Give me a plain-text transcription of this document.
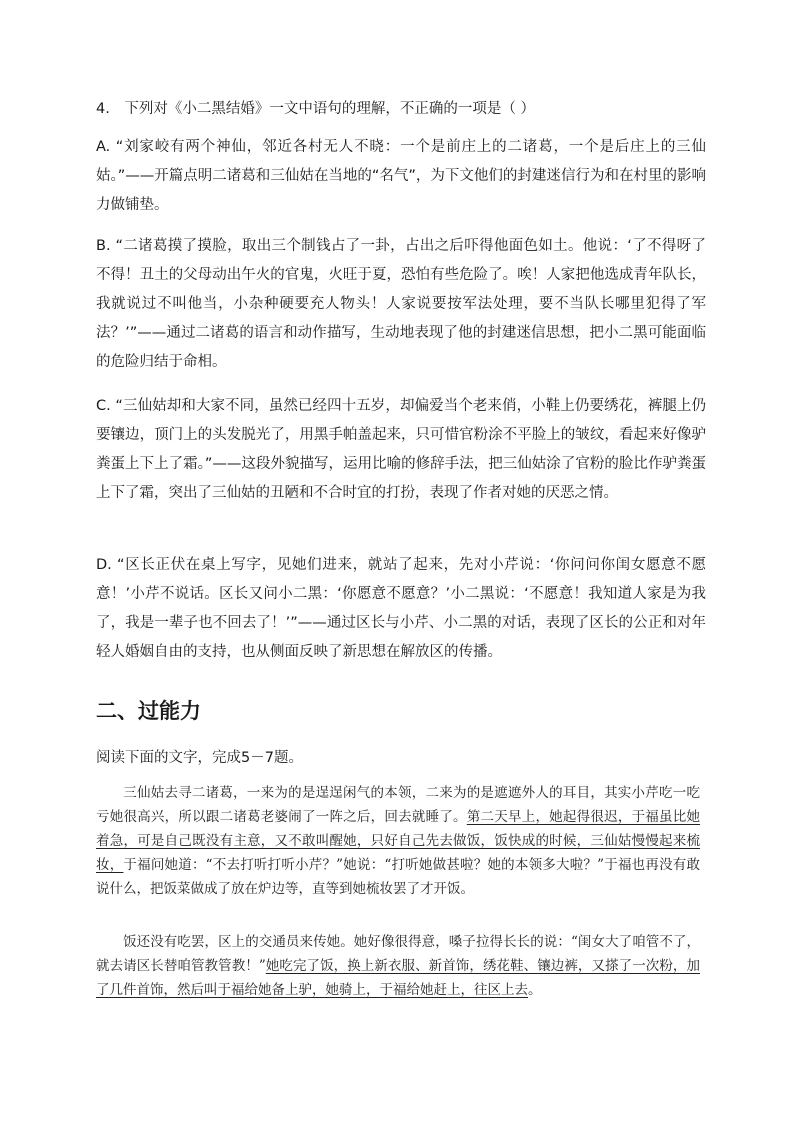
4.　下列对《小二黑结婚》一文中语句的理解，不正确的一项是（ ）
A. “刘家峧有两个神仙，邻近各村无人不晓：一个是前庄上的二诸葛，一个是后庄上的三仙姑。”——开篇点明二诸葛和三仙姑在当地的“名气”，为下文他们的封建迷信行为和在村里的影响力做铺垫。
B. “二诸葛摸了摸脸，取出三个制钱占了一卦，占出之后吓得他面色如土。他说：‘了不得呀了不得！丑土的父母动出午火的官鬼，火旺于夏，恐怕有些危险了。唉！人家把他选成青年队长，我就说过不叫他当，小杂种硬要充人物头！人家说要按军法处理，要不当队长哪里犯得了军法？’”——通过二诸葛的语言和动作描写，生动地表现了他的封建迷信思想，把小二黑可能面临的危险归结于命相。
C. “三仙姑却和大家不同，虽然已经四十五岁，却偏爱当个老来俏，小鞋上仍要绣花，裤腿上仍要镶边，顶门上的头发脱光了，用黑手帕盖起来，只可惜官粉涂不平脸上的皱纹，看起来好像驴粪蛋上下上了霜。”——这段外貌描写，运用比喻的修辞手法，把三仙姑涂了官粉的脸比作驴粪蛋上下了霜，突出了三仙姑的丑陋和不合时宜的打扮，表现了作者对她的厌恶之情。
D. “区长正伏在桌上写字，见她们进来，就站了起来，先对小芹说：‘你问问你闺女愿意不愿意！’小芹不说话。区长又问小二黑：‘你愿意不愿意？’小二黑说：‘不愿意！我知道人家是为我了，我是一辈子也不回去了！’”——通过区长与小芹、小二黑的对话，表现了区长的公正和对年轻人婚姻自由的支持，也从侧面反映了新思想在解放区的传播。
二、过能力
阅读下面的文字，完成5－7题。
三仙姑去寻二诸葛，一来为的是逞逞闲气的本领，二来为的是遮遮外人的耳目，其实小芹吃一吃亏她很高兴，所以跟二诸葛老婆闹了一阵之后，回去就睡了。第二天早上，她起得很迟，于福虽比她着急，可是自己既没有主意，又不敢叫醒她，只好自己先去做饭，饭快成的时候，三仙姑慢慢起来梳妆，于福问她道：“不去打听打听小芹？”她说：“打听她做甚啦？她的本领多大啦？”于福也再没有敢说什么，把饭菜做成了放在炉边等，直等到她梳妆罢了才开饭。
饭还没有吃罢，区上的交通员来传她。她好像很得意，嗓子拉得长长的说：“闺女大了咱管不了，就去请区长替咱管教管教！”她吃完了饭，换上新衣服、新首饰，绣花鞋、镶边裤，又搽了一次粉，加了几件首饰，然后叫于福给她备上驴，她骑上，于福给她赶上，往区上去。
